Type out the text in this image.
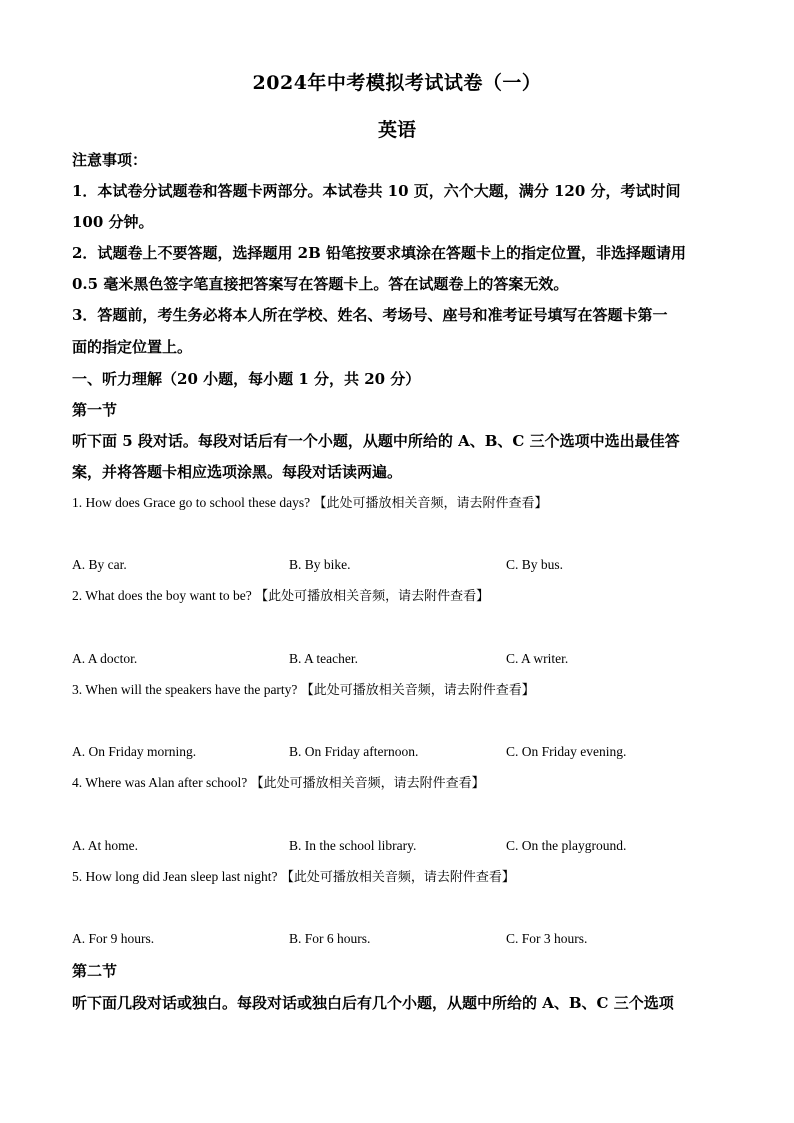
2024年中考模拟考试试卷（一）
英语
注意事项：
1．本试卷分试题卷和答题卡两部分。本试卷共 10 页，六个大题，满分 120 分，考试时间
100 分钟。
2．试题卷上不要答题，选择题用 2B 铅笔按要求填涂在答题卡上的指定位置，非选择题请用
0.5 毫米黑色签字笔直接把答案写在答题卡上。答在试题卷上的答案无效。
3．答题前，考生务必将本人所在学校、姓名、考场号、座号和准考证号填写在答题卡第一
面的指定位置上。
一、听力理解（20 小题，每小题 1 分，共 20 分）
第一节
听下面 5 段对话。每段对话后有一个小题，从题中所给的 A、B、C 三个选项中选出最佳答
案，并将答题卡相应选项涂黑。每段对话读两遍。
1. How does Grace go to school these days? 【此处可播放相关音频，请去附件查看】
A. By car.	B. By bike.	C. By bus.
2. What does the boy want to be? 【此处可播放相关音频，请去附件查看】
A. A doctor.	B. A teacher.	C. A writer.
3. When will the speakers have the party? 【此处可播放相关音频，请去附件查看】
A. On Friday morning.	B. On Friday afternoon.	C. On Friday evening.
4. Where was Alan after school? 【此处可播放相关音频，请去附件查看】
A. At home.	B. In the school library.	C. On the playground.
5. How long did Jean sleep last night? 【此处可播放相关音频，请去附件查看】
A. For 9 hours.	B. For 6 hours.	C. For 3 hours.
第二节
听下面几段对话或独白。每段对话或独白后有几个小题，从题中所给的 A、B、C 三个选项
